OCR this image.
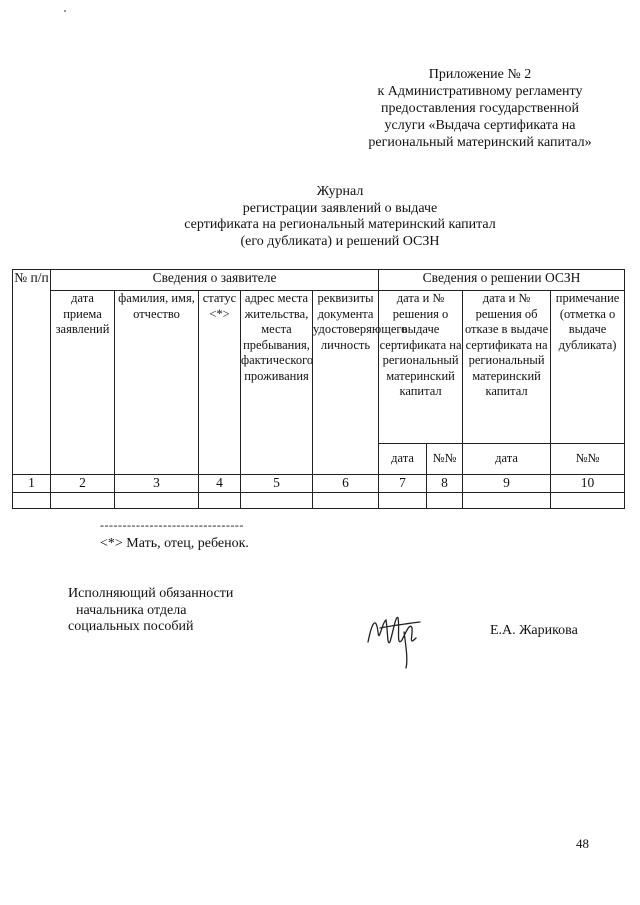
Приложение № 2
к Административному регламенту
предоставления государственной
услуги «Выдача сертификата на
региональный материнский капитал»
Журнал
регистрации заявлений о выдаче
сертификата на региональный материнский капитал
(его дубликата) и решений ОСЗН
№ п/п	Сведения о заявителе					Сведения о решении ОСЗН			
	дата приема заявлений	фамилия, имя, отчество	статус <*>	адрес места жительства, места пребывания, фактического проживания	реквизиты документа удостоверяющего личность	дата и № решения о выдаче сертификата на региональный материнский капитал		дата и № решения об отказе в выдаче сертификата на региональный материнский капитал	примечание (отметка о выдаче дубликата)
						дата	№№	дата	№№
1	2	3	4	5	6	7	8	9	10

--------------------------------
<*> Мать, отец, ребенок.
Исполняющий обязанности
начальника отдела
социальных пособий	Е.А. Жарикова
48
